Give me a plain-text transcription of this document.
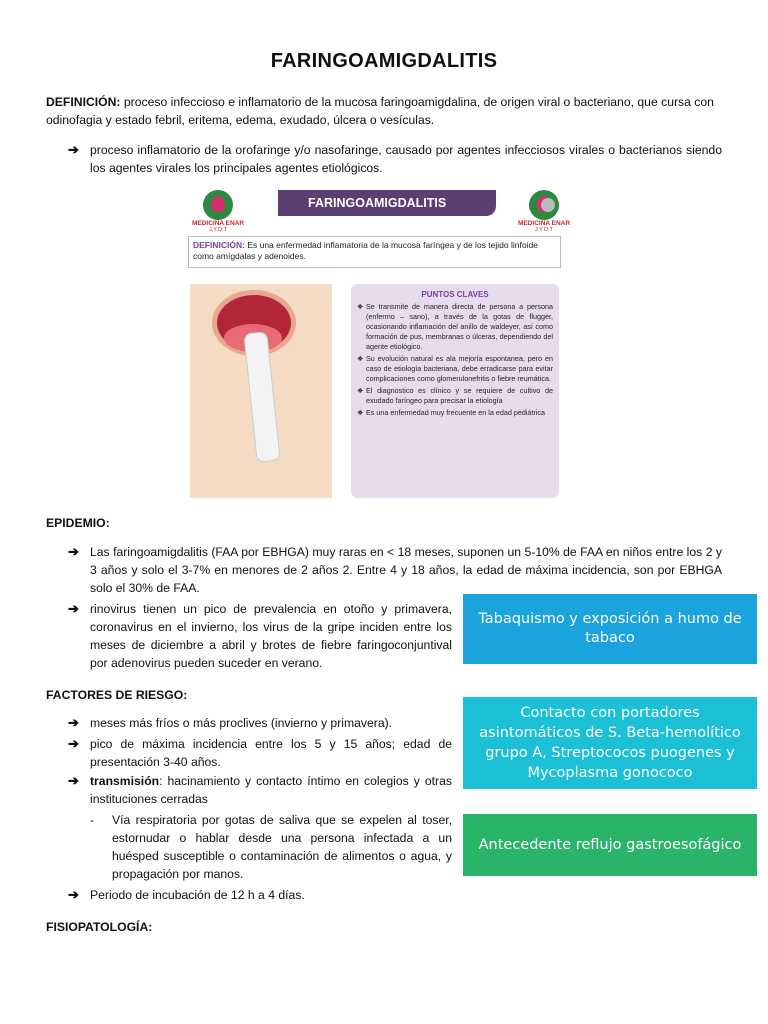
FARINGOAMIGDALITIS
DEFINICIÓN: proceso infeccioso e inflamatorio de la mucosa faringoamigdalina, de origen viral o bacteriano, que cursa con odinofagia y estado febril, eritema, edema, exudado, úlcera o vesículas.
➔ proceso inflamatorio de la orofaringe y/o nasofaringe, causado por agentes infecciosos virales o bacterianos siendo los agentes virales los principales agentes etiológicos.
MEDICINA ENAR
J.Y.O.T
FARINGOAMIGDALITIS
MEDICINA ENAR
J.Y.O.T
DEFINICIÓN: Es una enfermedad inflamatoria de la mucosa faríngea y de los tejido linfoide como amígdalas y adenoides.
PUNTOS CLAVES
❖ Se transmite de manera directa de persona a persona (enfermo – sano), a través de la gotas de flugger, ocasionando inflamación del anillo de waldeyer, así como formación de pus, membranas o úlceras, dependiendo del agente etiológico.
❖ Su evolución natural es ala mejoría espontanea, pero en caso de etiología bacteriana, debe erradicarse para evitar complicaciones como glomerulonefritis o fiebre reumática.
❖ El diagnostico es clínico y se requiere de cultivo de exudado faríngeo para precisar la etiología
❖ Es una enfermedad muy frecuente en la edad pediátrica
EPIDEMIO:
➔ Las faringoamigdalitis (FAA por EBHGA) muy raras en < 18 meses, suponen un 5-10% de FAA en niños entre los 2 y 3 años y solo el 3-7% en menores de 2 años 2. Entre 4 y 18 años, la edad de máxima incidencia, son por EBHGA solo el 30% de FAA.
➔ rinovirus tienen un pico de prevalencia en otoño y primavera, coronavirus en el invierno, los virus de la gripe inciden entre los meses de diciembre a abril y brotes de fiebre faringoconjuntival por adenovirus pueden suceder en verano.
FACTORES DE RIESGO:
➔ meses más fríos o más proclives (invierno y primavera).
➔ pico de máxima incidencia entre los 5 y 15 años; edad de presentación 3-40 años.
➔ transmisión: hacinamiento y contacto íntimo en colegios y otras instituciones cerradas
- Vía respiratoria por gotas de saliva que se expelen al toser, estornudar o hablar desde una persona infectada a un huésped susceptible o contaminación de alimentos o agua, y propagación por manos.
➔ Periodo de incubación de 12 h a 4 días.
FISIOPATOLOGÍA:
Tabaquismo y exposición a humo de tabaco
Contacto con portadores asintomáticos de S. Beta-hemolítico grupo A, Streptococos puogenes y Mycoplasma gonococo
Antecedente reflujo gastroesofágico
